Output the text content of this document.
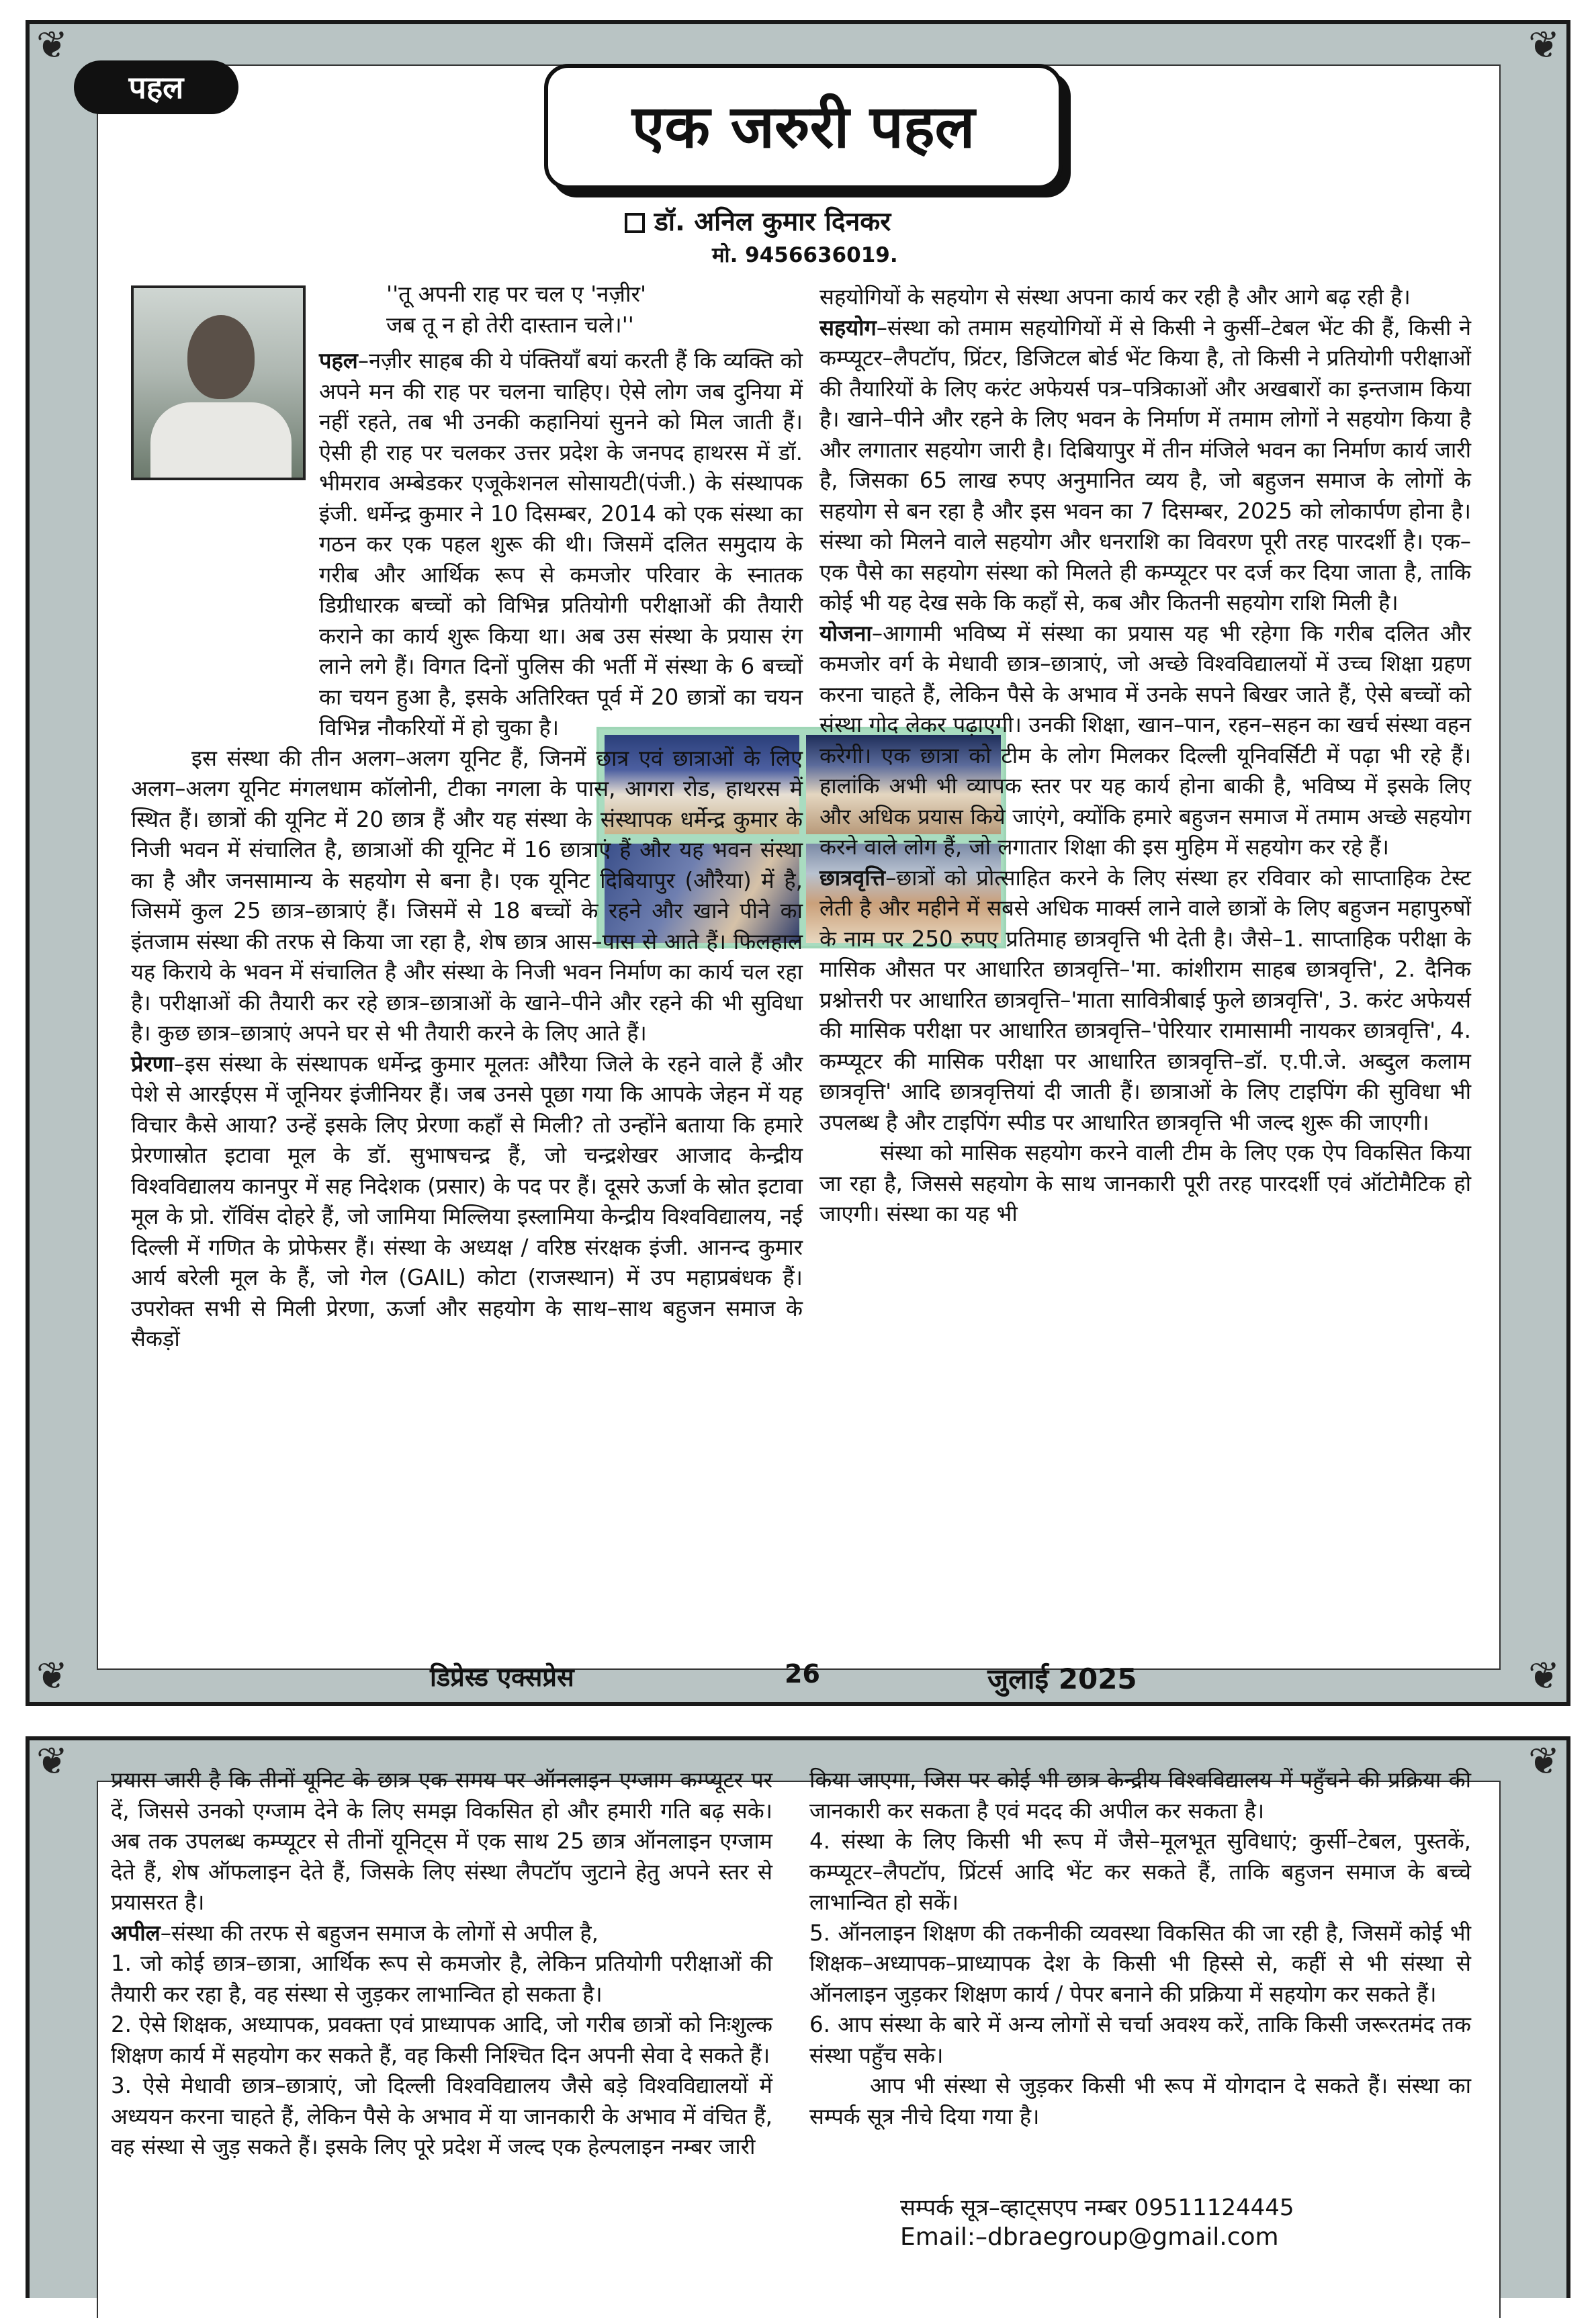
❦	❦
❦	❦
पहल
एक जरुरी पहल
डॉ. अनिल कुमार दिनकर
मो. 9456636019.
''तू अपनी राह पर चल ए 'नज़ीर'
जब तू न हो तेरी दास्तान चले।''

पहल–नज़ीर साहब की ये पंक्तियाँ बयां करती हैं कि व्यक्ति को अपने मन की राह पर चलना चाहिए। ऐसे लोग जब दुनिया में नहीं रहते, तब भी उनकी कहानियां सुनने को मिल जाती हैं। ऐसी ही राह पर चलकर उत्तर प्रदेश के जनपद हाथरस में डॉ. भीमराव अम्बेडकर एजूकेशनल सोसायटी(पंजी.) के संस्थापक इंजी. धर्मेन्द्र कुमार ने 10 दिसम्बर, 2014 को एक संस्था का गठन कर एक पहल शुरू की थी। जिसमें दलित समुदाय के गरीब और आर्थिक रूप से कमजोर परिवार के स्नातक डिग्रीधारक बच्चों को विभिन्न प्रतियोगी परीक्षाओं की तैयारी कराने का कार्य शुरू किया था। अब उस संस्था के प्रयास रंग लाने लगे हैं। विगत दिनों पुलिस की भर्ती में संस्था के 6 बच्चों का चयन हुआ है, इसके अतिरिक्त पूर्व में 20 छात्रों का चयन विभिन्न नौकरियों में हो चुका है।

इस संस्था की तीन अलग–अलग यूनिट हैं, जिनमें छात्र एवं छात्राओं के लिए अलग–अलग यूनिट मंगलधाम कॉलोनी, टीका नगला के पास, आगरा रोड, हाथरस में स्थित हैं। छात्रों की यूनिट में 20 छात्र हैं और यह संस्था के संस्थापक धर्मेन्द्र कुमार के निजी भवन में संचालित है, छात्राओं की यूनिट में 16 छात्राएं हैं और यह भवन संस्था का है और जनसामान्य के सहयोग से बना है। एक यूनिट दिबियापुर (औरैया) में है, जिसमें कुल 25 छात्र–छात्राएं हैं। जिसमें से 18 बच्चों के रहने और खाने पीने का इंतजाम संस्था की तरफ से किया जा रहा है, शेष छात्र आस–पास से आते हैं। फिलहाल यह किराये के भवन में संचालित है और संस्था के निजी भवन निर्माण का कार्य चल रहा है। परीक्षाओं की तैयारी कर रहे छात्र–छात्राओं के खाने–पीने और रहने की भी सुविधा है। कुछ छात्र–छात्राएं अपने घर से भी तैयारी करने के लिए आते हैं।

प्रेरणा–इस संस्था के संस्थापक धर्मेन्द्र कुमार मूलतः औरैया जिले के रहने वाले हैं और पेशे से आरईएस में जूनियर इंजीनियर हैं। जब उनसे पूछा गया कि आपके जेहन में यह विचार कैसे आया? उन्हें इसके लिए प्रेरणा कहाँ से मिली? तो उन्होंने बताया कि हमारे प्रेरणास्रोत इटावा मूल के डॉ. सुभाषचन्द्र हैं, जो चन्द्रशेखर आजाद केन्द्रीय विश्वविद्यालय कानपुर में सह निदेशक (प्रसार) के पद पर हैं। दूसरे ऊर्जा के स्रोत इटावा मूल के प्रो. रॉविंस दोहरे हैं, जो जामिया मिल्लिया इस्लामिया केन्द्रीय विश्वविद्यालय, नई दिल्ली में गणित के प्रोफेसर हैं। संस्था के अध्यक्ष / वरिष्ठ संरक्षक इंजी. आनन्द कुमार आर्य बरेली मूल के हैं, जो गेल (GAIL) कोटा (राजस्थान) में उप महाप्रबंधक हैं। उपरोक्त सभी से मिली प्रेरणा, ऊर्जा और सहयोग के साथ–साथ बहुजन समाज के सैकड़ों

सहयोगियों के सहयोग से संस्था अपना कार्य कर रही है और आगे बढ़ रही है।

सहयोग–संस्था को तमाम सहयोगियों में से किसी ने कुर्सी–टेबल भेंट की हैं, किसी ने कम्प्यूटर–लैपटॉप, प्रिंटर, डिजिटल बोर्ड भेंट किया है, तो किसी ने प्रतियोगी परीक्षाओं की तैयारियों के लिए करंट अफेयर्स पत्र–पत्रिकाओं और अखबारों का इन्तजाम किया है। खाने–पीने और रहने के लिए भवन के निर्माण में तमाम लोगों ने सहयोग किया है और लगातार सहयोग जारी है। दिबियापुर में तीन मंजिले भवन का निर्माण कार्य जारी है, जिसका 65 लाख रुपए अनुमानित व्यय है, जो बहुजन समाज के लोगों के सहयोग से बन रहा है और इस भवन का 7 दिसम्बर, 2025 को लोकार्पण होना है। संस्था को मिलने वाले सहयोग और धनराशि का विवरण पूरी तरह पारदर्शी है। एक–एक पैसे का सहयोग संस्था को मिलते ही कम्प्यूटर पर दर्ज कर दिया जाता है, ताकि कोई भी यह देख सके कि कहाँ से, कब और कितनी सहयोग राशि मिली है।

योजना–आगामी भविष्य में संस्था का प्रयास यह भी रहेगा कि गरीब दलित और कमजोर वर्ग के मेधावी छात्र–छात्राएं, जो अच्छे विश्वविद्यालयों में उच्च शिक्षा ग्रहण करना चाहते हैं, लेकिन पैसे के अभाव में उनके सपने बिखर जाते हैं, ऐसे बच्चों को संस्था गोद लेकर पढ़ाएगी। उनकी शिक्षा, खान–पान, रहन–सहन का खर्च संस्था वहन करेगी। एक छात्रा को टीम के लोग मिलकर दिल्ली यूनिवर्सिटी में पढ़ा भी रहे हैं। हालांकि अभी भी व्यापक स्तर पर यह कार्य होना बाकी है, भविष्य में इसके लिए और अधिक प्रयास किये जाएंगे, क्योंकि हमारे बहुजन समाज में तमाम अच्छे सहयोग करने वाले लोग हैं, जो लगातार शिक्षा की इस मुहिम में सहयोग कर रहे हैं।

छात्रवृत्ति–छात्रों को प्रोत्साहित करने के लिए संस्था हर रविवार को साप्ताहिक टेस्ट लेती है और महीने में सबसे अधिक मार्क्स लाने वाले छात्रों के लिए बहुजन महापुरुषों के नाम पर 250 रुपए प्रतिमाह छात्रवृत्ति भी देती है। जैसे–1. साप्ताहिक परीक्षा के मासिक औसत पर आधारित छात्रवृत्ति–'मा. कांशीराम साहब छात्रवृत्ति', 2. दैनिक प्रश्नोत्तरी पर आधारित छात्रवृत्ति–'माता सावित्रीबाई फुले छात्रवृत्ति', 3. करंट अफेयर्स की मासिक परीक्षा पर आधारित छात्रवृत्ति–'पेरियार रामासामी नायकर छात्रवृत्ति', 4. कम्प्यूटर की मासिक परीक्षा पर आधारित छात्रवृत्ति–डॉ. ए.पी.जे. अब्दुल कलाम छात्रवृत्ति' आदि छात्रवृत्तियां दी जाती हैं। छात्राओं के लिए टाइपिंग की सुविधा भी उपलब्ध है और टाइपिंग स्पीड पर आधारित छात्रवृत्ति भी जल्द शुरू की जाएगी।

संस्था को मासिक सहयोग करने वाली टीम के लिए एक ऐप विकसित किया जा रहा है, जिससे सहयोग के साथ जानकारी पूरी तरह पारदर्शी एवं ऑटोमैटिक हो जाएगी। संस्था का यह भी

डिप्रेस्ड एक्सप्रेस	26	जुलाई 2025
❦	❦

प्रयास जारी है कि तीनों यूनिट के छात्र एक समय पर ऑनलाइन एग्जाम कम्प्यूटर पर दें, जिससे उनको एग्जाम देने के लिए समझ विकसित हो और हमारी गति बढ़ सके। अब तक उपलब्ध कम्प्यूटर से तीनों यूनिट्स में एक साथ 25 छात्र ऑनलाइन एग्जाम देते हैं, शेष ऑफलाइन देते हैं, जिसके लिए संस्था लैपटॉप जुटाने हेतु अपने स्तर से प्रयासरत है।

अपील–संस्था की तरफ से बहुजन समाज के लोगों से अपील है,

1. जो कोई छात्र–छात्रा, आर्थिक रूप से कमजोर है, लेकिन प्रतियोगी परीक्षाओं की तैयारी कर रहा है, वह संस्था से जुड़कर लाभान्वित हो सकता है।

2. ऐसे शिक्षक, अध्यापक, प्रवक्ता एवं प्राध्यापक आदि, जो गरीब छात्रों को निःशुल्क शिक्षण कार्य में सहयोग कर सकते हैं, वह किसी निश्चित दिन अपनी सेवा दे सकते हैं।

3. ऐसे मेधावी छात्र–छात्राएं, जो दिल्ली विश्वविद्यालय जैसे बड़े विश्वविद्यालयों में अध्ययन करना चाहते हैं, लेकिन पैसे के अभाव में या जानकारी के अभाव में वंचित हैं, वह संस्था से जुड़ सकते हैं। इसके लिए पूरे प्रदेश में जल्द एक हेल्पलाइन नम्बर जारी

किया जाएगा, जिस पर कोई भी छात्र केन्द्रीय विश्वविद्यालय में पहुँचने की प्रक्रिया की जानकारी कर सकता है एवं मदद की अपील कर सकता है।

4. संस्था के लिए किसी भी रूप में जैसे–मूलभूत सुविधाएं; कुर्सी–टेबल, पुस्तकें, कम्प्यूटर–लैपटॉप, प्रिंटर्स आदि भेंट कर सकते हैं, ताकि बहुजन समाज के बच्चे लाभान्वित हो सकें।

5. ऑनलाइन शिक्षण की तकनीकी व्यवस्था विकसित की जा रही है, जिसमें कोई भी शिक्षक–अध्यापक–प्राध्यापक देश के किसी भी हिस्से से, कहीं से भी संस्था से ऑनलाइन जुड़कर शिक्षण कार्य / पेपर बनाने की प्रक्रिया में सहयोग कर सकते हैं।

6. आप संस्था के बारे में अन्य लोगों से चर्चा अवश्य करें, ताकि किसी जरूरतमंद तक संस्था पहुँच सके।

आप भी संस्था से जुड़कर किसी भी रूप में योगदान दे सकते हैं। संस्था का सम्पर्क सूत्र नीचे दिया गया है।

सम्पर्क सूत्र–व्हाट्सएप नम्बर 09511124445
Email:–dbraegroup@gmail.com
